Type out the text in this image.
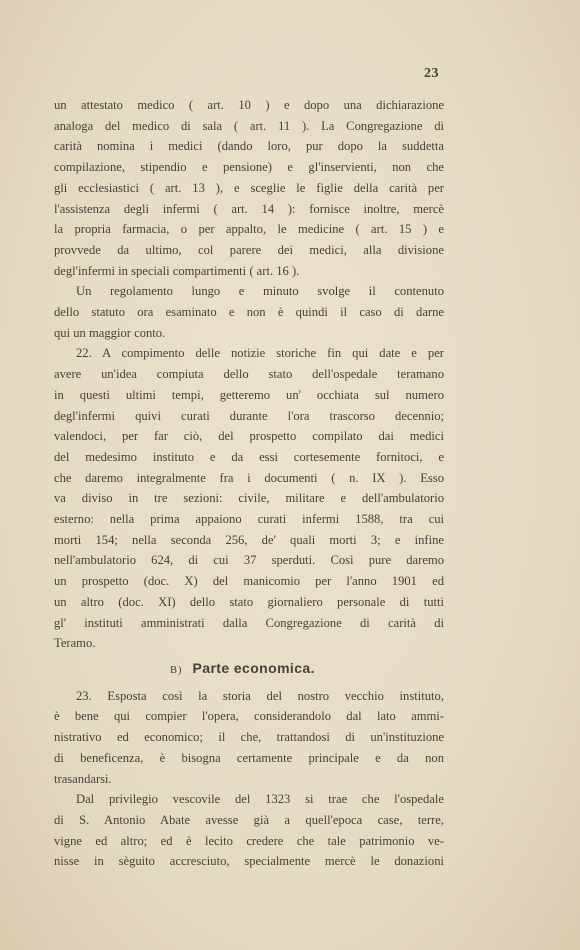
23

un attestato medico ( art. 10 ) e dopo una dichiarazione
analoga del medico di sala ( art. 11 ). La Congregazione di
carità nomina i medici (dando loro, pur dopo la suddetta
compilazione, stipendio e pensione) e gl'inservienti, non che
gli ecclesiastici ( art. 13 ), e sceglie le figlie della carità per
l'assistenza degli infermi ( art. 14 ): fornisce inoltre, mercè
la propria farmacia, o per appalto, le medicine ( art. 15 ) e
provvede da ultimo, col parere dei medici, alla divisione
degl'infermi in speciali compartimenti ( art. 16 ).

Un regolamento lungo e minuto svolge il contenuto
dello statuto ora esaminato e non è quindi il caso di darne
qui un maggior conto.

22. A compimento delle notizie storiche fin qui date e per
avere un'idea compiuta dello stato dell'ospedale teramano
in questi ultimi tempi, getteremo un' occhiata sul numero
degl'infermi quivi curati durante l'ora trascorso decennio;
valendoci, per far ciò, del prospetto compilato dai medici
del medesimo instituto e da essi cortesemente fornitoci, e
che daremo integralmente fra i documenti ( n. IX ). Esso
va diviso in tre sezioni: civile, militare e dell'ambulatorio
esterno: nella prima appaiono curati infermi 1588, tra cui
morti 154; nella seconda 256, de' quali morti 3; e infine
nell'ambulatorio 624, di cui 37 sperduti. Così pure daremo
un prospetto (doc. X) del manicomio per l'anno 1901 ed
un altro (doc. XI) dello stato giornaliero personale di tutti
gl' instituti amministrati dalla Congregazione di carità di
Teramo.

B) Parte economica.

23. Esposta così la storia del nostro vecchio instituto,
è bene qui compier l'opera, considerandolo dal lato ammi-
nistrativo ed economico; il che, trattandosi di un'instituzione
di beneficenza, è bisogna certamente principale e da non
trasandarsi.

Dal privilegio vescovile del 1323 si trae che l'ospedale
di S. Antonio Abate avesse già a quell'epoca case, terre,
vigne ed altro; ed è lecito credere che tale patrimonio ve-
nisse in sèguito accresciuto, specialmente mercè le donazioni
